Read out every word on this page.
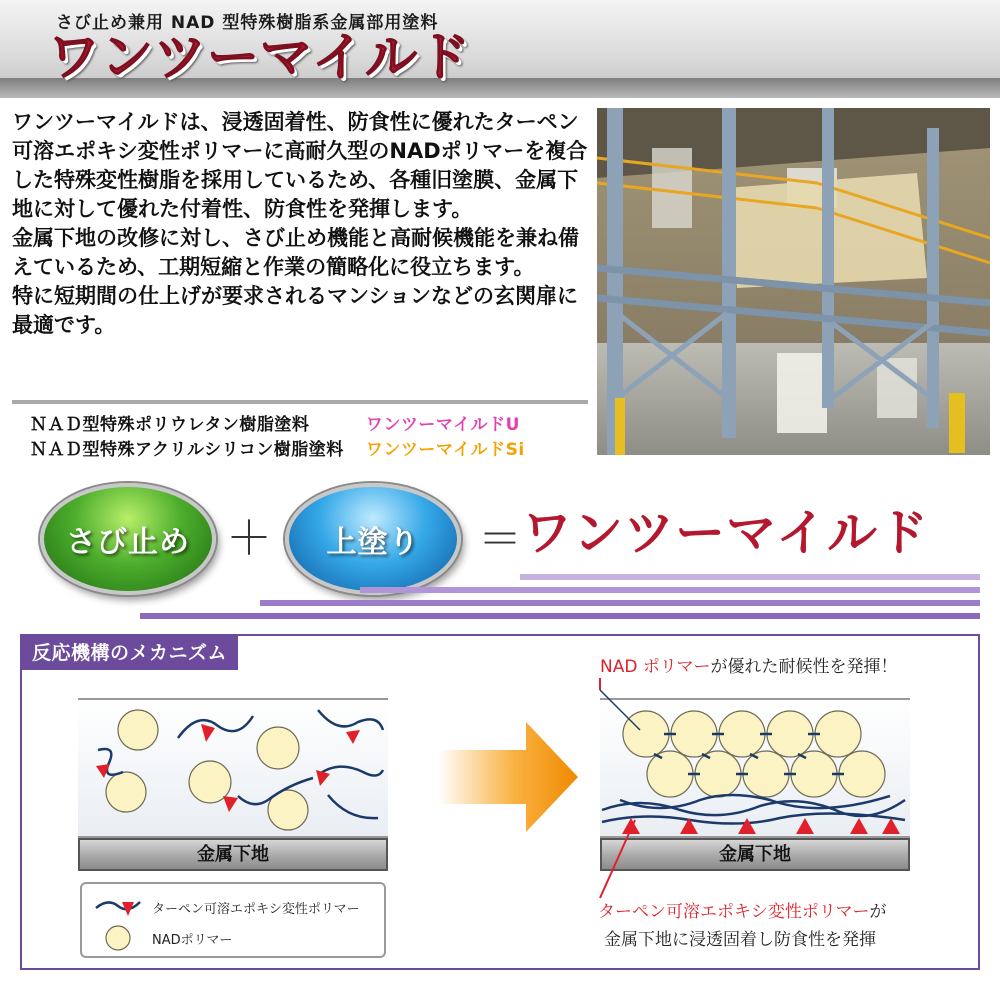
さび止め兼用 NAD 型特殊樹脂系金属部用塗料
ワンツーマイルド

ワンツーマイルドは、浸透固着性、防食性に優れたターペン可溶エポキシ変性ポリマーに高耐久型のNADポリマーを複合した特殊変性樹脂を採用しているため、各種旧塗膜、金属下地に対して優れた付着性、防食性を発揮します。

金属下地の改修に対し、さび止め機能と高耐候機能を兼ね備えているため、工期短縮と作業の簡略化に役立ちます。

特に短期間の仕上げが要求されるマンションなどの玄関扉に最適です。

ＮＡＤ型特殊ポリウレタン樹脂塗料	ワンツーマイルドU
ＮＡＤ型特殊アクリルシリコン樹脂塗料 ワンツーマイルドSi
さび止め ＋	上塗り	＝ ワンツーマイルド
反応機構のメカニズム
金属下地	金属下地
NAD ポリマーが優れた耐候性を発揮！
ターペン可溶エポキシ変性ポリマーが
金属下地に浸透固着し防食性を発揮
ターペン可溶エポキシ変性ポリマー
NADポリマー
